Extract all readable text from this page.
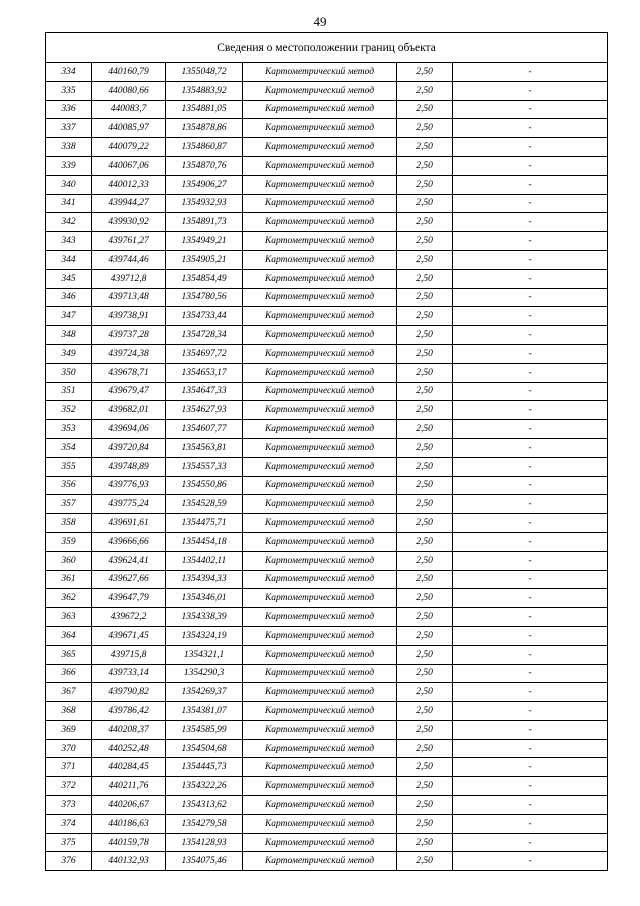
49
Сведения о местоположении границ объекта					
334	440160,79	1355048,72	Картометрический метод	2,50	-
335	440080,66	1354883,92	Картометрический метод	2,50	-
336	440083,7	1354881,05	Картометрический метод	2,50	-
337	440085,97	1354878,86	Картометрический метод	2,50	-
338	440079,22	1354860,87	Картометрический метод	2,50	-
339	440067,06	1354870,76	Картометрический метод	2,50	-
340	440012,33	1354906,27	Картометрический метод	2,50	-
341	439944,27	1354932,93	Картометрический метод	2,50	-
342	439930,92	1354891,73	Картометрический метод	2,50	-
343	439761,27	1354949,21	Картометрический метод	2,50	-
344	439744,46	1354905,21	Картометрический метод	2,50	-
345	439712,8	1354854,49	Картометрический метод	2,50	-
346	439713,48	1354780,56	Картометрический метод	2,50	-
347	439738,91	1354733,44	Картометрический метод	2,50	-
348	439737,28	1354728,34	Картометрический метод	2,50	-
349	439724,38	1354697,72	Картометрический метод	2,50	-
350	439678,71	1354653,17	Картометрический метод	2,50	-
351	439679,47	1354647,33	Картометрический метод	2,50	-
352	439682,01	1354627,93	Картометрический метод	2,50	-
353	439694,06	1354607,77	Картометрический метод	2,50	-
354	439720,84	1354563,81	Картометрический метод	2,50	-
355	439748,89	1354557,33	Картометрический метод	2,50	-
356	439776,93	1354550,86	Картометрический метод	2,50	-
357	439775,24	1354528,59	Картометрический метод	2,50	-
358	439691,61	1354475,71	Картометрический метод	2,50	-
359	439666,66	1354454,18	Картометрический метод	2,50	-
360	439624,41	1354402,11	Картометрический метод	2,50	-
361	439627,66	1354394,33	Картометрический метод	2,50	-
362	439647,79	1354346,01	Картометрический метод	2,50	-
363	439672,2	1354338,39	Картометрический метод	2,50	-
364	439671,45	1354324,19	Картометрический метод	2,50	-
365	439715,8	1354321,1	Картометрический метод	2,50	-
366	439733,14	1354290,3	Картометрический метод	2,50	-
367	439790,82	1354269,37	Картометрический метод	2,50	-
368	439786,42	1354381,07	Картометрический метод	2,50	-
369	440208,37	1354585,99	Картометрический метод	2,50	-
370	440252,48	1354504,68	Картометрический метод	2,50	-
371	440284,45	1354445,73	Картометрический метод	2,50	-
372	440211,76	1354322,26	Картометрический метод	2,50	-
373	440206,67	1354313,62	Картометрический метод	2,50	-
374	440186,63	1354279,58	Картометрический метод	2,50	-
375	440159,78	1354128,93	Картометрический метод	2,50	-
376	440132,93	1354075,46	Картометрический метод	2,50	-
